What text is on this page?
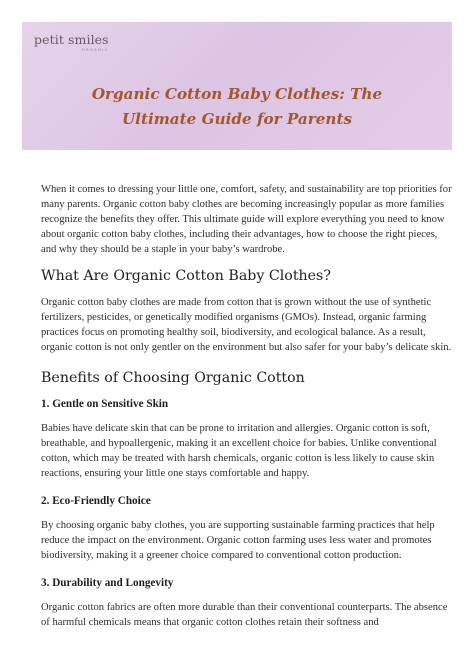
petit smiles
ORGANIC
Organic Cotton Baby Clothes: The
Ultimate Guide for Parents

When it comes to dressing your little one, comfort, safety, and sustainability are top priorities for many parents. Organic cotton baby clothes are becoming increasingly popular as more families recognize the benefits they offer. This ultimate guide will explore everything you need to know about organic cotton baby clothes, including their advantages, how to choose the right pieces, and why they should be a staple in your baby’s wardrobe.

What Are Organic Cotton Baby Clothes?

Organic cotton baby clothes are made from cotton that is grown without the use of synthetic fertilizers, pesticides, or genetically modified organisms (GMOs). Instead, organic farming practices focus on promoting healthy soil, biodiversity, and ecological balance. As a result, organic cotton is not only gentler on the environment but also safer for your baby’s delicate skin.

Benefits of Choosing Organic Cotton
1. Gentle on Sensitive Skin

Babies have delicate skin that can be prone to irritation and allergies. Organic cotton is soft, breathable, and hypoallergenic, making it an excellent choice for babies. Unlike conventional cotton, which may be treated with harsh chemicals, organic cotton is less likely to cause skin reactions, ensuring your little one stays comfortable and happy.

2. Eco-Friendly Choice

By choosing organic baby clothes, you are supporting sustainable farming practices that help reduce the impact on the environment. Organic cotton farming uses less water and promotes biodiversity, making it a greener choice compared to conventional cotton production.

3. Durability and Longevity

Organic cotton fabrics are often more durable than their conventional counterparts. The absence of harmful chemicals means that organic cotton clothes retain their softness and
